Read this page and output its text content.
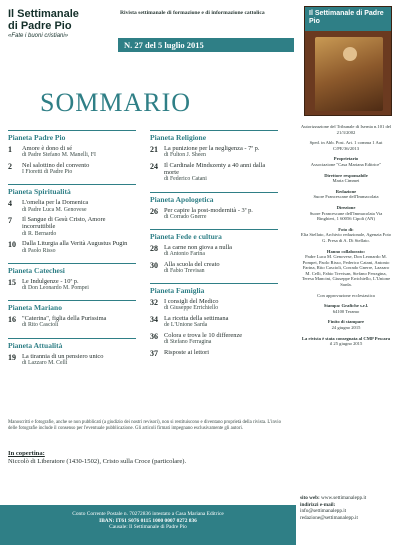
Il Settimanale
di Padre Pio
«Fate i buoni cristiani»
Rivista settimanale di formazione e di informazione cattolica
N. 27 del 5 luglio 2015
Il Settimanale di Padre Pio
SOMMARIO
Pianeta Padre Pio
1	Amore è dono di sé
di Padre Stefano M. Manelli, FI
2	Nel salottino del convento
I Fioretti di Padre Pio
Pianeta Spiritualità
4	L'omelia per la Domenica
di Padre Luca M. Genovese
7	Il Sangue di Gesù Cristo, Amore incorruttibile
di R. Bernardo
10 Dalla Liturgia alla Verità Augustus Pugin
di Paolo Risso
Pianeta Catechesi
15 Le Indulgenze - 10ª p.
di Don Leonardo M. Pompei
Pianeta Mariano
16 "Caterina", figlia della Purissima
di Rito Cascioli
Pianeta Attualità
19 La tirannia di un pensiero unico
di Lazzaro M. Celli
Pianeta Religione
21 La punizione per la negligenza - 7ª p.
di Fulton J. Sheen
24 Il Cardinale Mindszenty a 40 anni dalla morte
di Federico Catani
Pianeta Apologetica
26 Per capire la post-modernità - 3ª p.
di Corrado Gnerre
Pianeta Fede e cultura
28 La carne non giova a nulla
di Antonio Farina
30 Alla scuola del creato
di Fabio Trevisan
Pianeta Famiglia
32 I consigli del Medico
di Giuseppe Errichiello
34 La ricetta della settimana
de L'Unione Sarda
36 Colora e trova le 10 differenze
di Stefano Ferragina
37 Risposte ai lettori
Autorizzazione del Tribunale di Isernia n.101 del 21/3/2002
Sped. in Abb. Post. Art. 1 comma 1 Aut C/PE/36/2013
Proprietario
Associazione "Casa Mariana Editrice"
Direttore responsabile
Maria Cimmei
Redazione
Suore Francescane dell'Immacolata
Direzione
Suore Francescane dell'Immacolata Via Ringhieri, 1 60056 Cipoli (AN)
Foto di:
Elia Stellato, Archivio redazionale, Agenzia Foto G. Presa di A. Di Stellato.
Hanno collaborato:
Padre Luca M. Genovese, Don Leonardo M. Pompei, Paolo Risso, Federico Catani, Antonio Farina, Rito Cascioli, Corrado Gnerre, Lazzaro M. Celli, Fabio Trevisan, Stefano Ferragina, Teresa Mancini, Giuseppe Errichiello, L'Unione Sarda.
Con approvazione ecclesiastica
Stampa: Grafiche s.r.l.
64100 Teramo
Finito di stampare
24 giugno 2015
La rivista è stata consegnata al CMP Pescara
il 25 giugno 2015
Manoscritti e fotografie, anche se non pubblicati (a giudizio dei nostri revisori), non si restituiscono e diventano proprietà della rivista. L'invio delle fotografie include il consenso per l'eventuale pubblicazione. Gli articoli firmati impegnano esclusivamente gli autori.
In copertina:
Niccolò di Liberatore (1430-1502), Cristo sulla Croce (particolare).
Conto Corrente Postale n. 70272836 intestato a Casa Mariana Editrice
IBAN: IT61 S076 0115 1000 0007 0272 836
Causale: Il Settimanale di Padre Pio
sito web: www.settimanalepp.it
indirizzi e-mail:
info@settimanalepp.it
redazione@settimanalepp.it
